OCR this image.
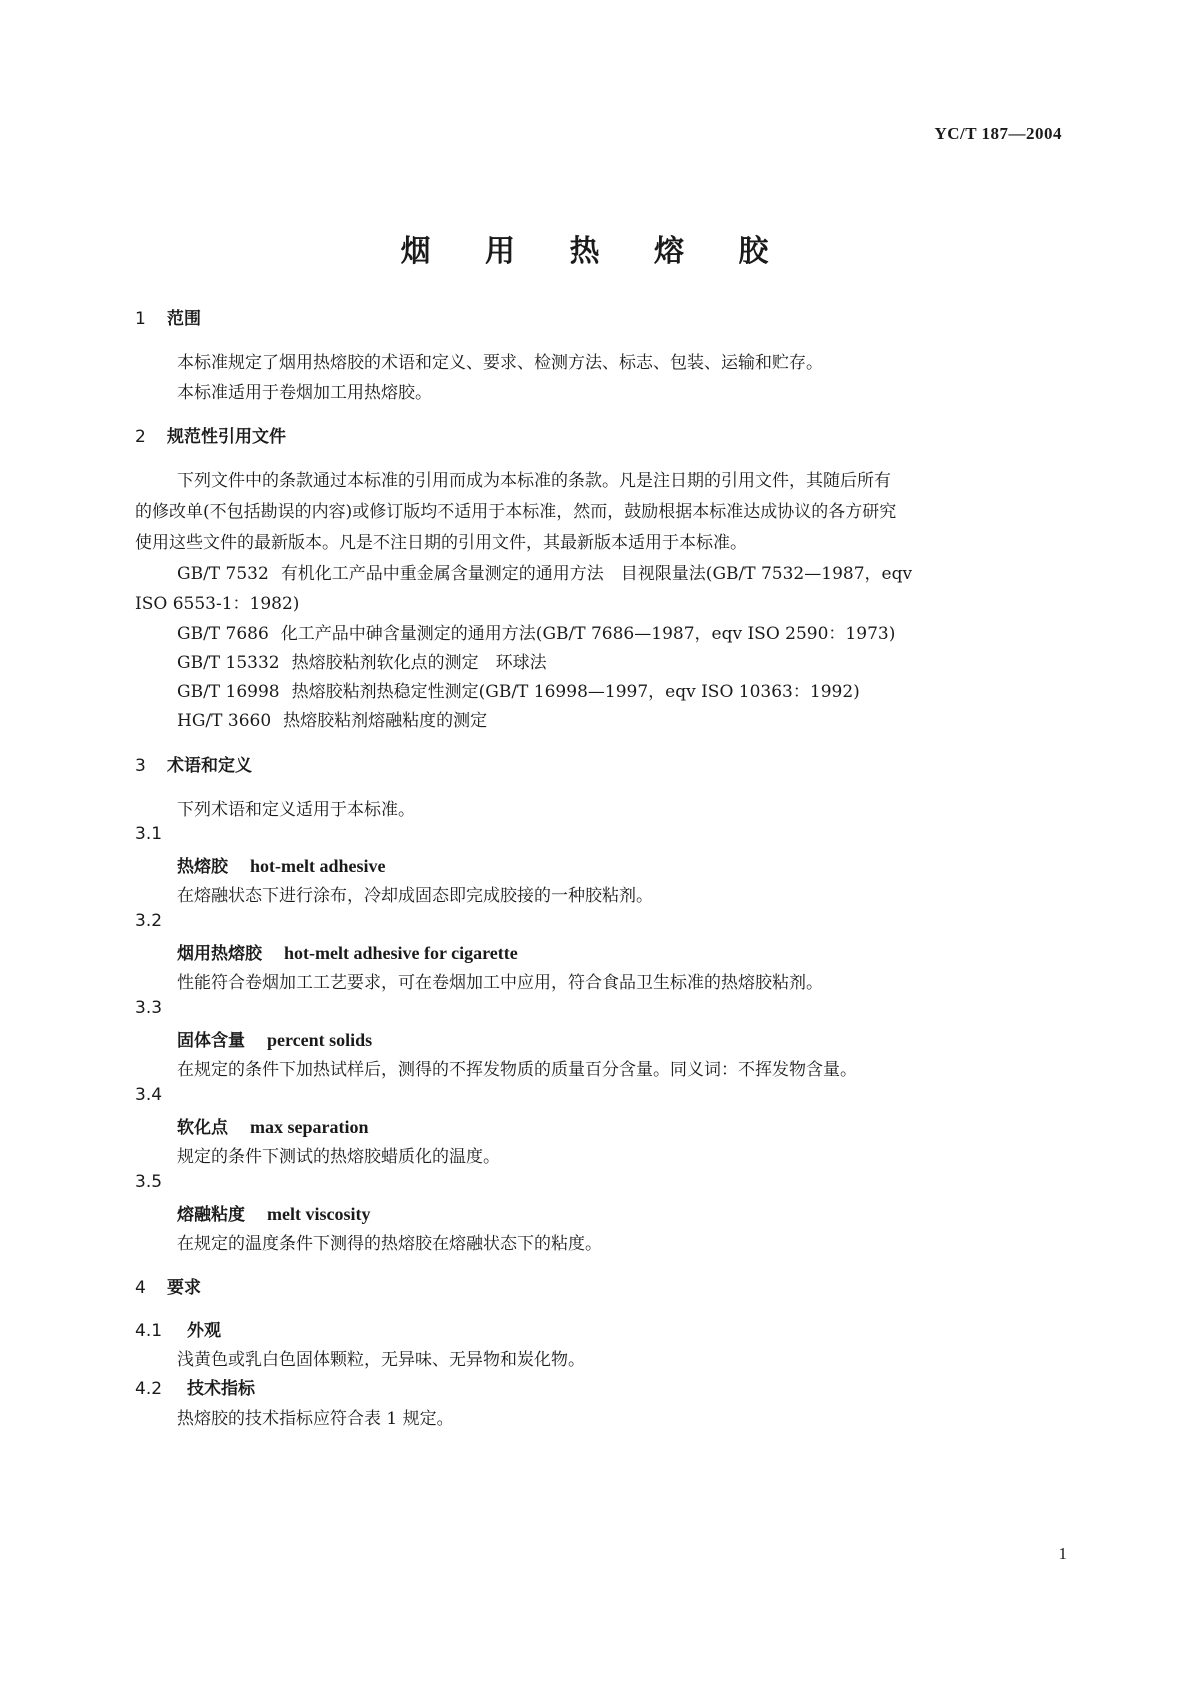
YC/T 187—2004
烟 用 热 熔 胶
1 范围
本标准规定了烟用热熔胶的术语和定义、要求、检测方法、标志、包装、运输和贮存。
本标准适用于卷烟加工用热熔胶。
2 规范性引用文件
下列文件中的条款通过本标准的引用而成为本标准的条款。凡是注日期的引用文件，其随后所有
的修改单(不包括勘误的内容)或修订版均不适用于本标准，然而，鼓励根据本标准达成协议的各方研究
使用这些文件的最新版本。凡是不注日期的引用文件，其最新版本适用于本标准。
GB/T 7532 有机化工产品中重金属含量测定的通用方法　目视限量法(GB/T 7532—1987，eqv
ISO 6553-1：1982)
GB/T 7686 化工产品中砷含量测定的通用方法(GB/T 7686—1987，eqv ISO 2590：1973)
GB/T 15332 热熔胶粘剂软化点的测定　环球法
GB/T 16998 热熔胶粘剂热稳定性测定(GB/T 16998—1997，eqv ISO 10363：1992)
HG/T 3660 热熔胶粘剂熔融粘度的测定
3 术语和定义
下列术语和定义适用于本标准。
3.1
热熔胶 hot-melt adhesive
在熔融状态下进行涂布，冷却成固态即完成胶接的一种胶粘剂。
3.2
烟用热熔胶 hot-melt adhesive for cigarette
性能符合卷烟加工工艺要求，可在卷烟加工中应用，符合食品卫生标准的热熔胶粘剂。
3.3
固体含量 percent solids
在规定的条件下加热试样后，测得的不挥发物质的质量百分含量。同义词：不挥发物含量。
3.4
软化点 max separation
规定的条件下测试的热熔胶蜡质化的温度。
3.5
熔融粘度 melt viscosity
在规定的温度条件下测得的热熔胶在熔融状态下的粘度。
4 要求
4.1 外观
浅黄色或乳白色固体颗粒，无异味、无异物和炭化物。
4.2 技术指标
热熔胶的技术指标应符合表 1 规定。
1
